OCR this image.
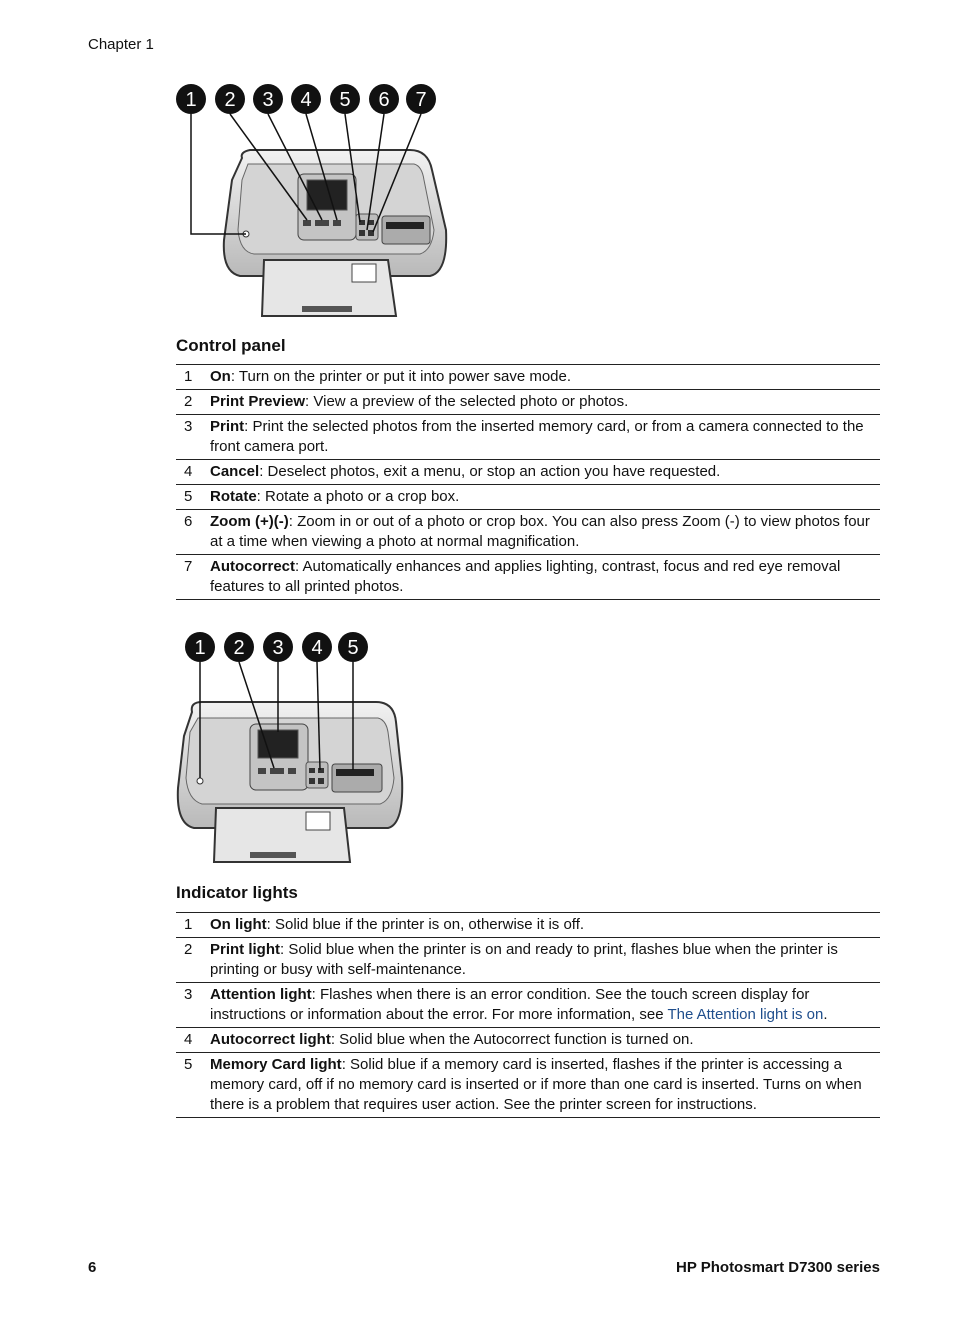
Chapter 1
1 2 3 4 5 6 7
Control panel
1	On: Turn on the printer or put it into power save mode.
2	Print Preview: View a preview of the selected photo or photos.
3	Print: Print the selected photos from the inserted memory card, or from a camera connected to the front camera port.
4	Cancel: Deselect photos, exit a menu, or stop an action you have requested.
5	Rotate: Rotate a photo or a crop box.
6	Zoom (+)(-): Zoom in or out of a photo or crop box. You can also press Zoom (-) to view photos four at a time when viewing a photo at normal magnification.
7	Autocorrect: Automatically enhances and applies lighting, contrast, focus and red eye removal features to all printed photos.
1 2 3 4 5
Indicator lights
1	On light: Solid blue if the printer is on, otherwise it is off.
2	Print light: Solid blue when the printer is on and ready to print, flashes blue when the printer is printing or busy with self-maintenance.
3	Attention light: Flashes when there is an error condition. See the touch screen display for instructions or information about the error. For more information, see The Attention light is on.
4	Autocorrect light: Solid blue when the Autocorrect function is turned on.
5	Memory Card light: Solid blue if a memory card is inserted, flashes if the printer is accessing a memory card, off if no memory card is inserted or if more than one card is inserted. Turns on when there is a problem that requires user action. See the printer screen for instructions.
6	HP Photosmart D7300 series
